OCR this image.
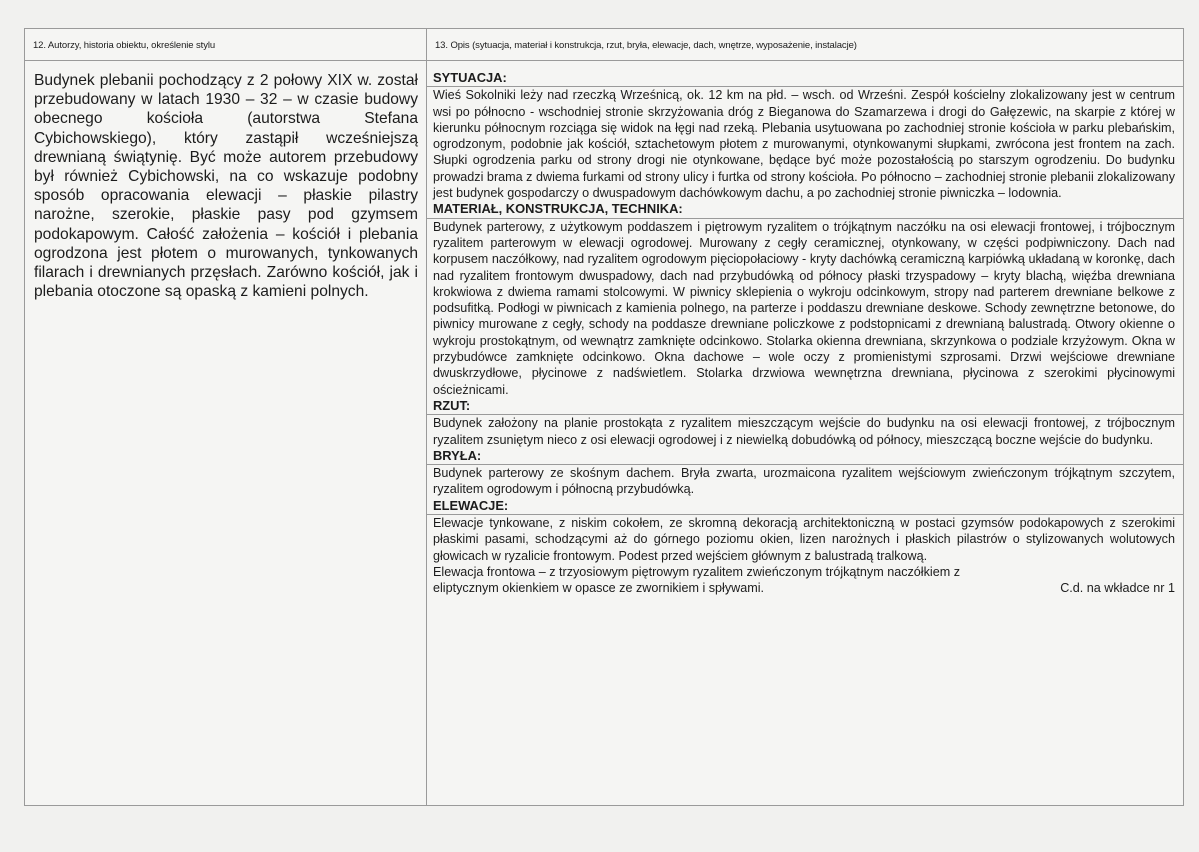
12. Autorzy, historia obiektu, określenie stylu
Budynek plebanii pochodzący z 2 połowy XIX w. został przebudowany w latach 1930 – 32 – w czasie budowy obecnego kościoła (autorstwa Stefana Cybichowskiego), który zastąpił wcześniejszą drewnianą świątynię. Być może autorem przebudowy był również Cybichowski, na co wskazuje podobny sposób opracowania elewacji – płaskie pilastry narożne, szerokie, płaskie pasy pod gzymsem podokapowym. Całość założenia – kościół i plebania ogrodzona jest płotem o murowanych, tynkowanych filarach i drewnianych przęsłach. Zarówno kościół, jak i plebania otoczone są opaską z kamieni polnych.
13. Opis (sytuacja, materiał i konstrukcja, rzut, bryła, elewacje, dach, wnętrze, wyposażenie, instalacje)
SYTUACJA:
Wieś Sokolniki leży nad rzeczką Wrześnicą, ok. 12 km na płd. – wsch. od Wrześni. Zespół kościelny zlokalizowany jest w centrum wsi po północno - wschodniej stronie skrzyżowania dróg z Bieganowa do Szamarzewa i drogi do Gałęzewic, na skarpie z której w kierunku północnym rozciąga się widok na łęgi nad rzeką. Plebania usytuowana po zachodniej stronie kościoła w parku plebańskim, ogrodzonym, podobnie jak kościół, sztachetowym płotem z murowanymi, otynkowanymi słupkami, zwrócona jest frontem na zach. Słupki ogrodzenia parku od strony drogi nie otynkowane, będące być może pozostałością po starszym ogrodzeniu. Do budynku prowadzi brama z dwiema furkami od strony ulicy i furtka od strony kościoła. Po północno – zachodniej stronie plebanii zlokalizowany jest budynek gospodarczy o dwuspadowym dachówkowym dachu, a po zachodniej stronie piwniczka – lodownia.
MATERIAŁ, KONSTRUKCJA, TECHNIKA:
Budynek parterowy, z użytkowym poddaszem i piętrowym ryzalitem o trójkątnym naczółku na osi elewacji frontowej, i trójbocznym ryzalitem parterowym w elewacji ogrodowej. Murowany z cegły ceramicznej, otynkowany, w części podpiwniczony. Dach nad korpusem naczółkowy, nad ryzalitem ogrodowym pięciopołaciowy - kryty dachówką ceramiczną karpiówką układaną w koronkę, dach nad ryzalitem frontowym dwuspadowy, dach nad przybudówką od północy płaski trzyspadowy – kryty blachą, więźba drewniana krokwiowa z dwiema ramami stolcowymi. W piwnicy sklepienia o wykroju odcinkowym, stropy nad parterem drewniane belkowe z podsufitką. Podłogi w piwnicach z kamienia polnego, na parterze i poddaszu drewniane deskowe. Schody zewnętrzne betonowe, do piwnicy murowane z cegły, schody na poddasze drewniane policzkowe z podstopnicami z drewnianą balustradą. Otwory okienne o wykroju prostokątnym, od wewnątrz zamknięte odcinkowo. Stolarka okienna drewniana, skrzynkowa o podziale krzyżowym. Okna w przybudówce zamknięte odcinkowo. Okna dachowe – wole oczy z promienistymi szprosami. Drzwi wejściowe drewniane dwuskrzydłowe, płycinowe z nadświetlem. Stolarka drzwiowa wewnętrzna drewniana, płycinowa z szerokimi płycinowymi ościeżnicami.
RZUT:
Budynek założony na planie prostokąta z ryzalitem mieszczącym wejście do budynku na osi elewacji frontowej, z trójbocznym ryzalitem zsuniętym nieco z osi elewacji ogrodowej i z niewielką dobudówką od północy, mieszczącą boczne wejście do budynku.
BRYŁA:
Budynek parterowy ze skośnym dachem. Bryła zwarta, urozmaicona ryzalitem wejściowym zwieńczonym trójkątnym szczytem, ryzalitem ogrodowym i północną przybudówką.
ELEWACJE:
Elewacje tynkowane, z niskim cokołem, ze skromną dekoracją architektoniczną w postaci gzymsów podokapowych z szerokimi płaskimi pasami, schodzącymi aż do górnego poziomu okien, lizen narożnych i płaskich pilastrów o stylizowanych wolutowych głowicach w ryzalicie frontowym. Podest przed wejściem głównym z balustradą tralkową.
Elewacja frontowa – z trzyosiowym piętrowym ryzalitem zwieńczonym trójkątnym naczółkiem z
eliptycznym okienkiem w opasce ze zwornikiem i spływami.	C.d. na wkładce nr 1
